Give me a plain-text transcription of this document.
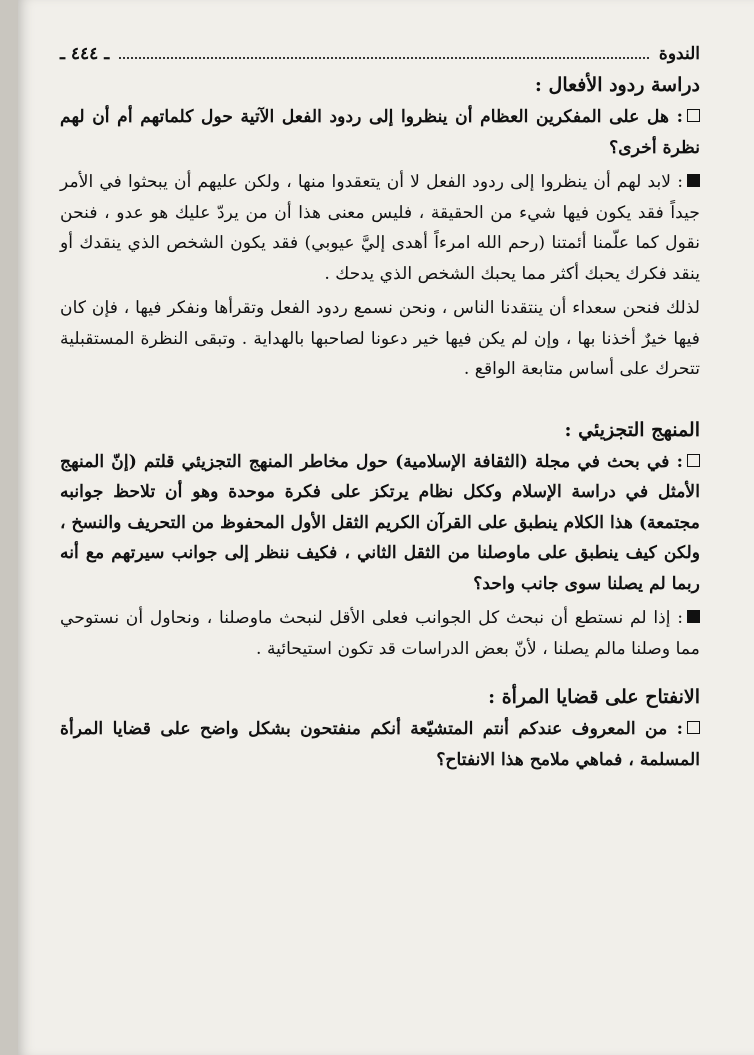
الندوة
ـ ٤٤٤ ـ
دراسة ردود الأفعال :

: هل على المفكرين العظام أن ينظروا إلى ردود الفعل الآتية حول كلماتهم أم أن لهم نظرة أخرى؟

: لابد لهم أن ينظروا إلى ردود الفعل لا أن يتعقدوا منها ، ولكن عليهم أن يبحثوا في الأمر جيداً فقد يكون فيها شيء من الحقيقة ، فليس معنى هذا أن من يردّ عليك هو عدو ، فنحن نقول كما علّمنا أئمتنا (رحم الله امرءاً أهدى إليَّ عيوبي) فقد يكون الشخص الذي ينقدك أو ينقد فكرك يحبك أكثر مما يحبك الشخص الذي يدحك .

لذلك فنحن سعداء أن ينتقدنا الناس ، ونحن نسمع ردود الفعل وتقرأها ونفكر فيها ، فإن كان فيها خيرٌ أخذنا بها ، وإن لم يكن فيها خير دعونا لصاحبها بالهداية . وتبقى النظرة المستقبلية تتحرك على أساس متابعة الواقع .

المنهج التجزيئي :

: في بحث في مجلة (الثقافة الإسلامية) حول مخاطر المنهج التجزيئي قلتم (إنّ المنهج الأمثل في دراسة الإسلام وككل نظام يرتكز على فكرة موحدة وهو أن تلاحظ جوانبه مجتمعة) هذا الكلام ينطبق على القرآن الكريم الثقل الأول المحفوظ من التحريف والنسخ ، ولكن كيف ينطبق على ماوصلنا من الثقل الثاني ، فكيف ننظر إلى جوانب سيرتهم مع أنه ربما لم يصلنا سوى جانب واحد؟

: إذا لم نستطع أن نبحث كل الجوانب فعلى الأقل لنبحث ماوصلنا ، ونحاول أن نستوحي مما وصلنا مالم يصلنا ، لأنّ بعض الدراسات قد تكون استيحائية .

الانفتاح على قضايا المرأة :

: من المعروف عندكم أنتم المتشيّعة أنكم منفتحون بشكل واضح على قضايا المرأة المسلمة ، فماهي ملامح هذا الانفتاح؟
